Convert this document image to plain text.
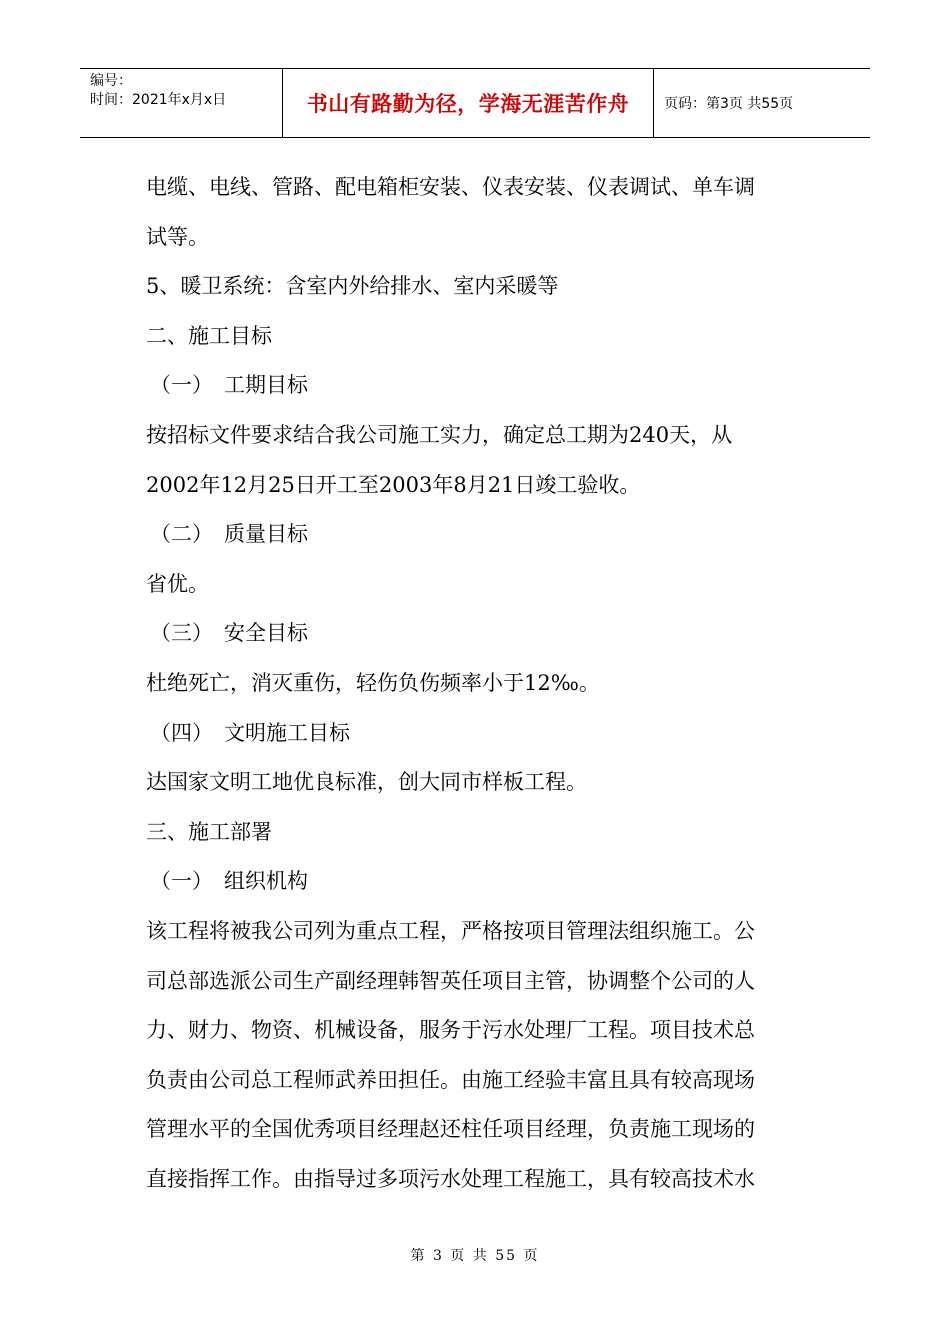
编号：
时间：2021年x月x日	书山有路勤为径，学海无涯苦作舟 页码：第3页 共55页
电缆、电线、管路、配电箱柜安装、仪表安装、仪表调试、单车调
试等。
5、暖卫系统：含室内外给排水、室内采暖等
二、施工目标
（一） 工期目标
按招标文件要求结合我公司施工实力，确定总工期为240天，从
2002年12月25日开工至2003年8月21日竣工验收。
（二） 质量目标
省优。
（三） 安全目标
杜绝死亡，消灭重伤，轻伤负伤频率小于12‰。
（四） 文明施工目标
达国家文明工地优良标准，创大同市样板工程。
三、施工部署
（一） 组织机构
该工程将被我公司列为重点工程，严格按项目管理法组织施工。公
司总部选派公司生产副经理韩智英任项目主管，协调整个公司的人
力、财力、物资、机械设备，服务于污水处理厂工程。项目技术总
负责由公司总工程师武养田担任。由施工经验丰富且具有较高现场
管理水平的全国优秀项目经理赵还柱任项目经理，负责施工现场的
直接指挥工作。由指导过多项污水处理工程施工，具有较高技术水
第 3 页 共 55 页
